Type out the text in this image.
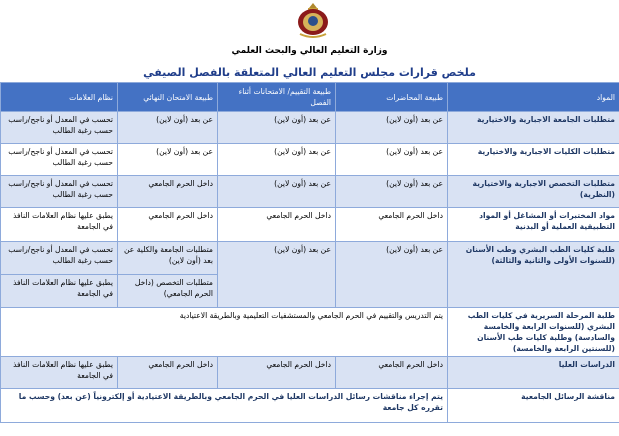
وزارة التعليم العالي والبحث العلمي
ملخص قرارات مجلس التعليم العالي المتعلقة بالفصل الصيفي
المواد	طبيعة المحاضرات	طبيعة التقييم/ الامتحانات أثناء الفصل	طبيعة الامتحان النهائي	نظام العلامات
متطلبات الجامعة الاجبارية والاختيارية	عن بعد (أون لاين)	عن بعد (أون لاين)	عن بعد (أون لاين)	تحسب في المعدل أو ناجح/راسب حسب رغبة الطالب
متطلبات الكليات الاجبارية والاختيارية	عن بعد (أون لاين)	عن بعد (أون لاين)	عن بعد (أون لاين)	تحسب في المعدل أو ناجح/راسب حسب رغبة الطالب
متطلبات التخصص الاجبارية والاختيارية (النظرية)	عن بعد (أون لاين)	عن بعد (أون لاين)	داخل الحرم الجامعي	تحسب في المعدل أو ناجح/راسب حسب رغبة الطالب
مواد المختبرات أو المشاغل أو المواد التطبيقية العملية أو البدنية	داخل الحرم الجامعي	داخل الحرم الجامعي	داخل الحرم الجامعي	يطبق عليها نظام العلامات النافذ في الجامعة
طلبة كليات الطب البشري وطب الأسنان (للسنوات الأولى والثانية والثالثة)	عن بعد (أون لاين)	عن بعد (أون لاين)	متطلبات الجامعة والكلية عن بعد (أون لاين)	تحسب في المعدل أو ناجح/راسب حسب رغبة الطالب
			متطلبات التخصص (داخل الحرم الجامعي)	يطبق عليها نظام العلامات النافذ في الجامعة
طلبة المرحلة السريرية في كليات الطب البشري (للسنوات الرابعة والخامسة والسادسة) وطلبة كليات طب الأسنان (للسنتين الرابعة والخامسة)	يتم التدريس والتقييم في الحرم الجامعي والمستشفيات التعليمية وبالطريقة الاعتيادية			
الدراسات العليا	داخل الحرم الجامعي	داخل الحرم الجامعي	داخل الحرم الجامعي	يطبق عليها نظام العلامات النافذ في الجامعة
مناقشة الرسائل الجامعية	يتم إجراء مناقشات رسائل الدراسات العليا في الحرم الجامعي وبالطريقة الاعتيادية أو إلكترونياً (عن بعد) وحسب ما تقرره كل جامعة			
